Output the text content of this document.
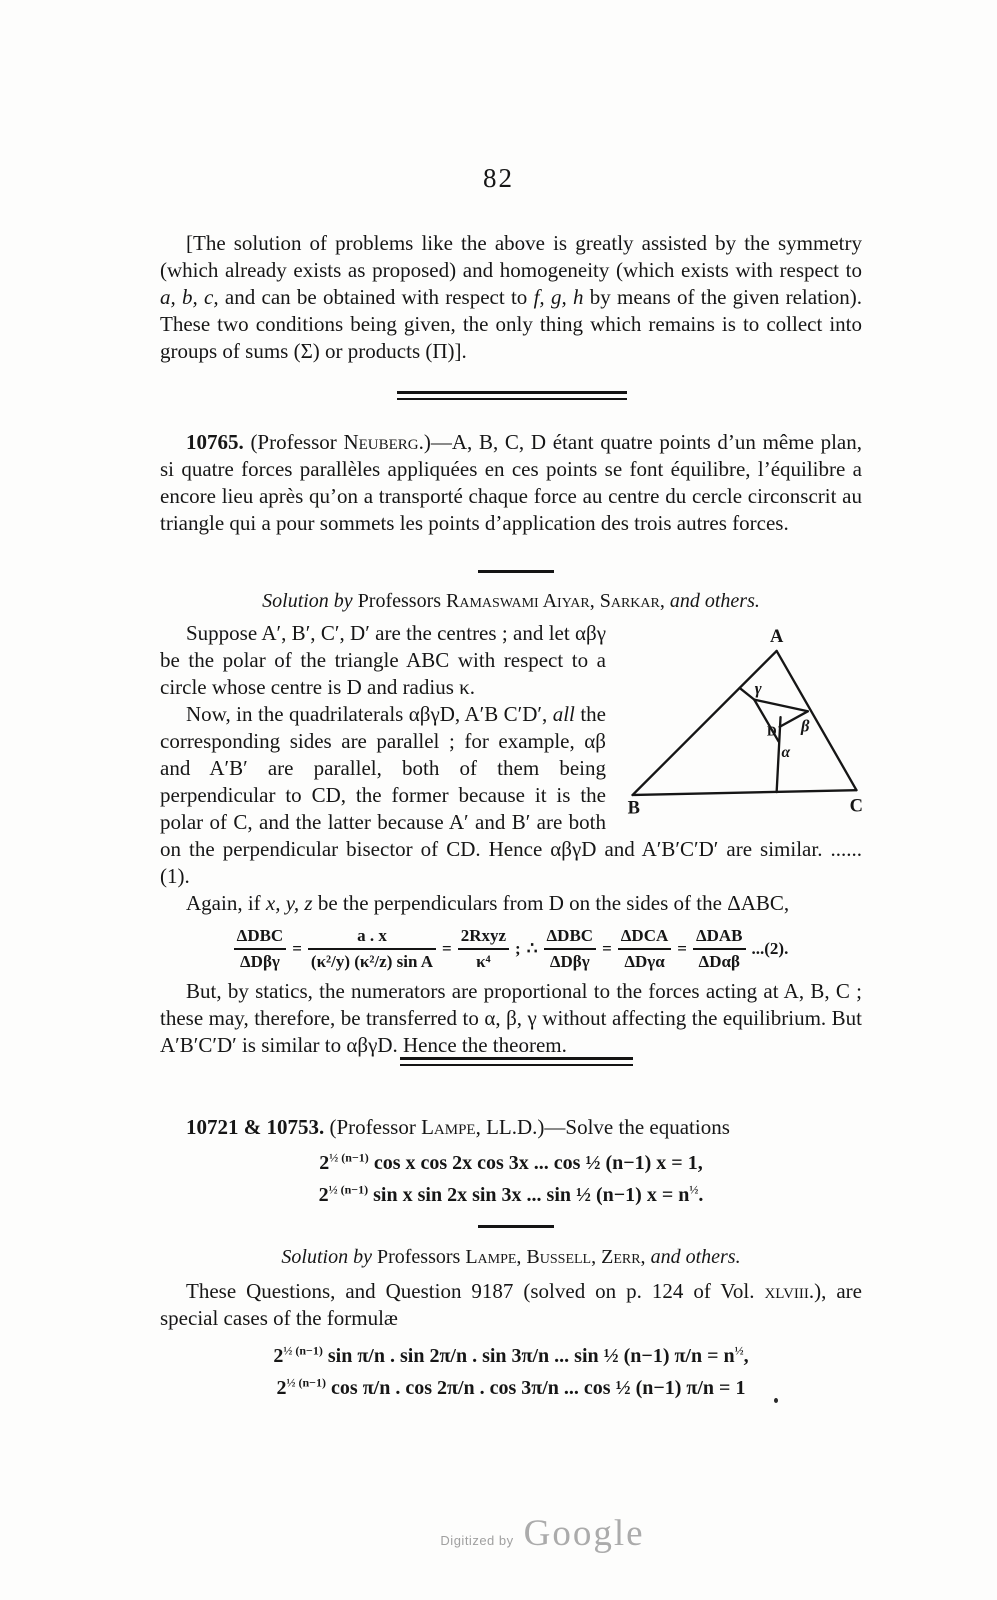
82

[The solution of problems like the above is greatly assisted by the symmetry (which already exists as proposed) and homogeneity (which exists with respect to a, b, c, and can be obtained with respect to f, g, h by means of the given relation). These two conditions being given, the only thing which remains is to collect into groups of sums (Σ) or products (Π)].

10765. (Professor Neuberg.)—A, B, C, D étant quatre points d’un même plan, si quatre forces parallèles appliquées en ces points se font équilibre, l’équilibre a encore lieu après qu’on a transporté chaque force au centre du cercle circonscrit au triangle qui a pour sommets les points d’application des trois autres forces.

Solution by Professors Ramaswami Aiyar, Sarkar, and others.

A
B	C
D
γ
β
α

Suppose A′, B′, C′, D′ are the centres ; and let αβγ be the polar of the triangle ABC with respect to a circle whose centre is D and radius κ.

Now, in the quadrilaterals αβγD, A′B C′D′, all the corresponding sides are parallel ; for example, αβ and A′B′ are parallel, both of them being perpendicular to CD, the former because it is the polar of C, and the latter because A′ and B′ are both on the perpendicular bisector of CD. Hence αβγD and A′B′C′D′ are similar. ...... (1).

Again, if x, y, z be the perpendiculars from D on the sides of the ΔABC,

$\frac{\text{ΔDBC}}{\text{ΔDβγ}} = \frac{a . x}{\text{(κ²/y) (κ²/z) sin A}} = \frac{\text{2Rxyz}}{\text{κ⁴}}$ ; ∴ $\frac{\text{ΔDBC}}{\text{ΔDβγ}} = \frac{\text{ΔDCA}}{\text{ΔDγα}} = \frac{\text{ΔDAB}}{\text{ΔDαβ}} ...(2)$.

But, by statics, the numerators are proportional to the forces acting at A, B, C ; these may, therefore, be transferred to α, β, γ without affecting the equilibrium. But A′B′C′D′ is similar to αβγD. Hence the theorem.

10721 & 10753. (Professor Lampe, LL.D.)—Solve the equations

$2^{\frac{1}{2} (n-1)}$ cos x cos 2x cos 3x ... cos ½ (n−1) x = 1,

$2^{\frac{1}{2} (n-1)}$ sin x sin 2x sin 3x ... sin ½ (n−1) $x = n^{\frac{1}{2}}$.

Solution by Professors Lampe, Bussell, Zerr, and others.

These Questions, and Question 9187 (solved on p. 124 of Vol. xlviii.), are special cases of the formulæ

$2^{\frac{1}{2} (n-1)}$ sin π/n . sin 2π/n . sin 3π/n ... sin ½ (n−1) $\pi/n = n^{\frac{1}{2}}$,

$2^{\frac{1}{2} (n-1)}$ cos π/n . cos 2π/n . cos 3π/n ... cos ½ (n−1) π/n = 1

Digitized by Google
